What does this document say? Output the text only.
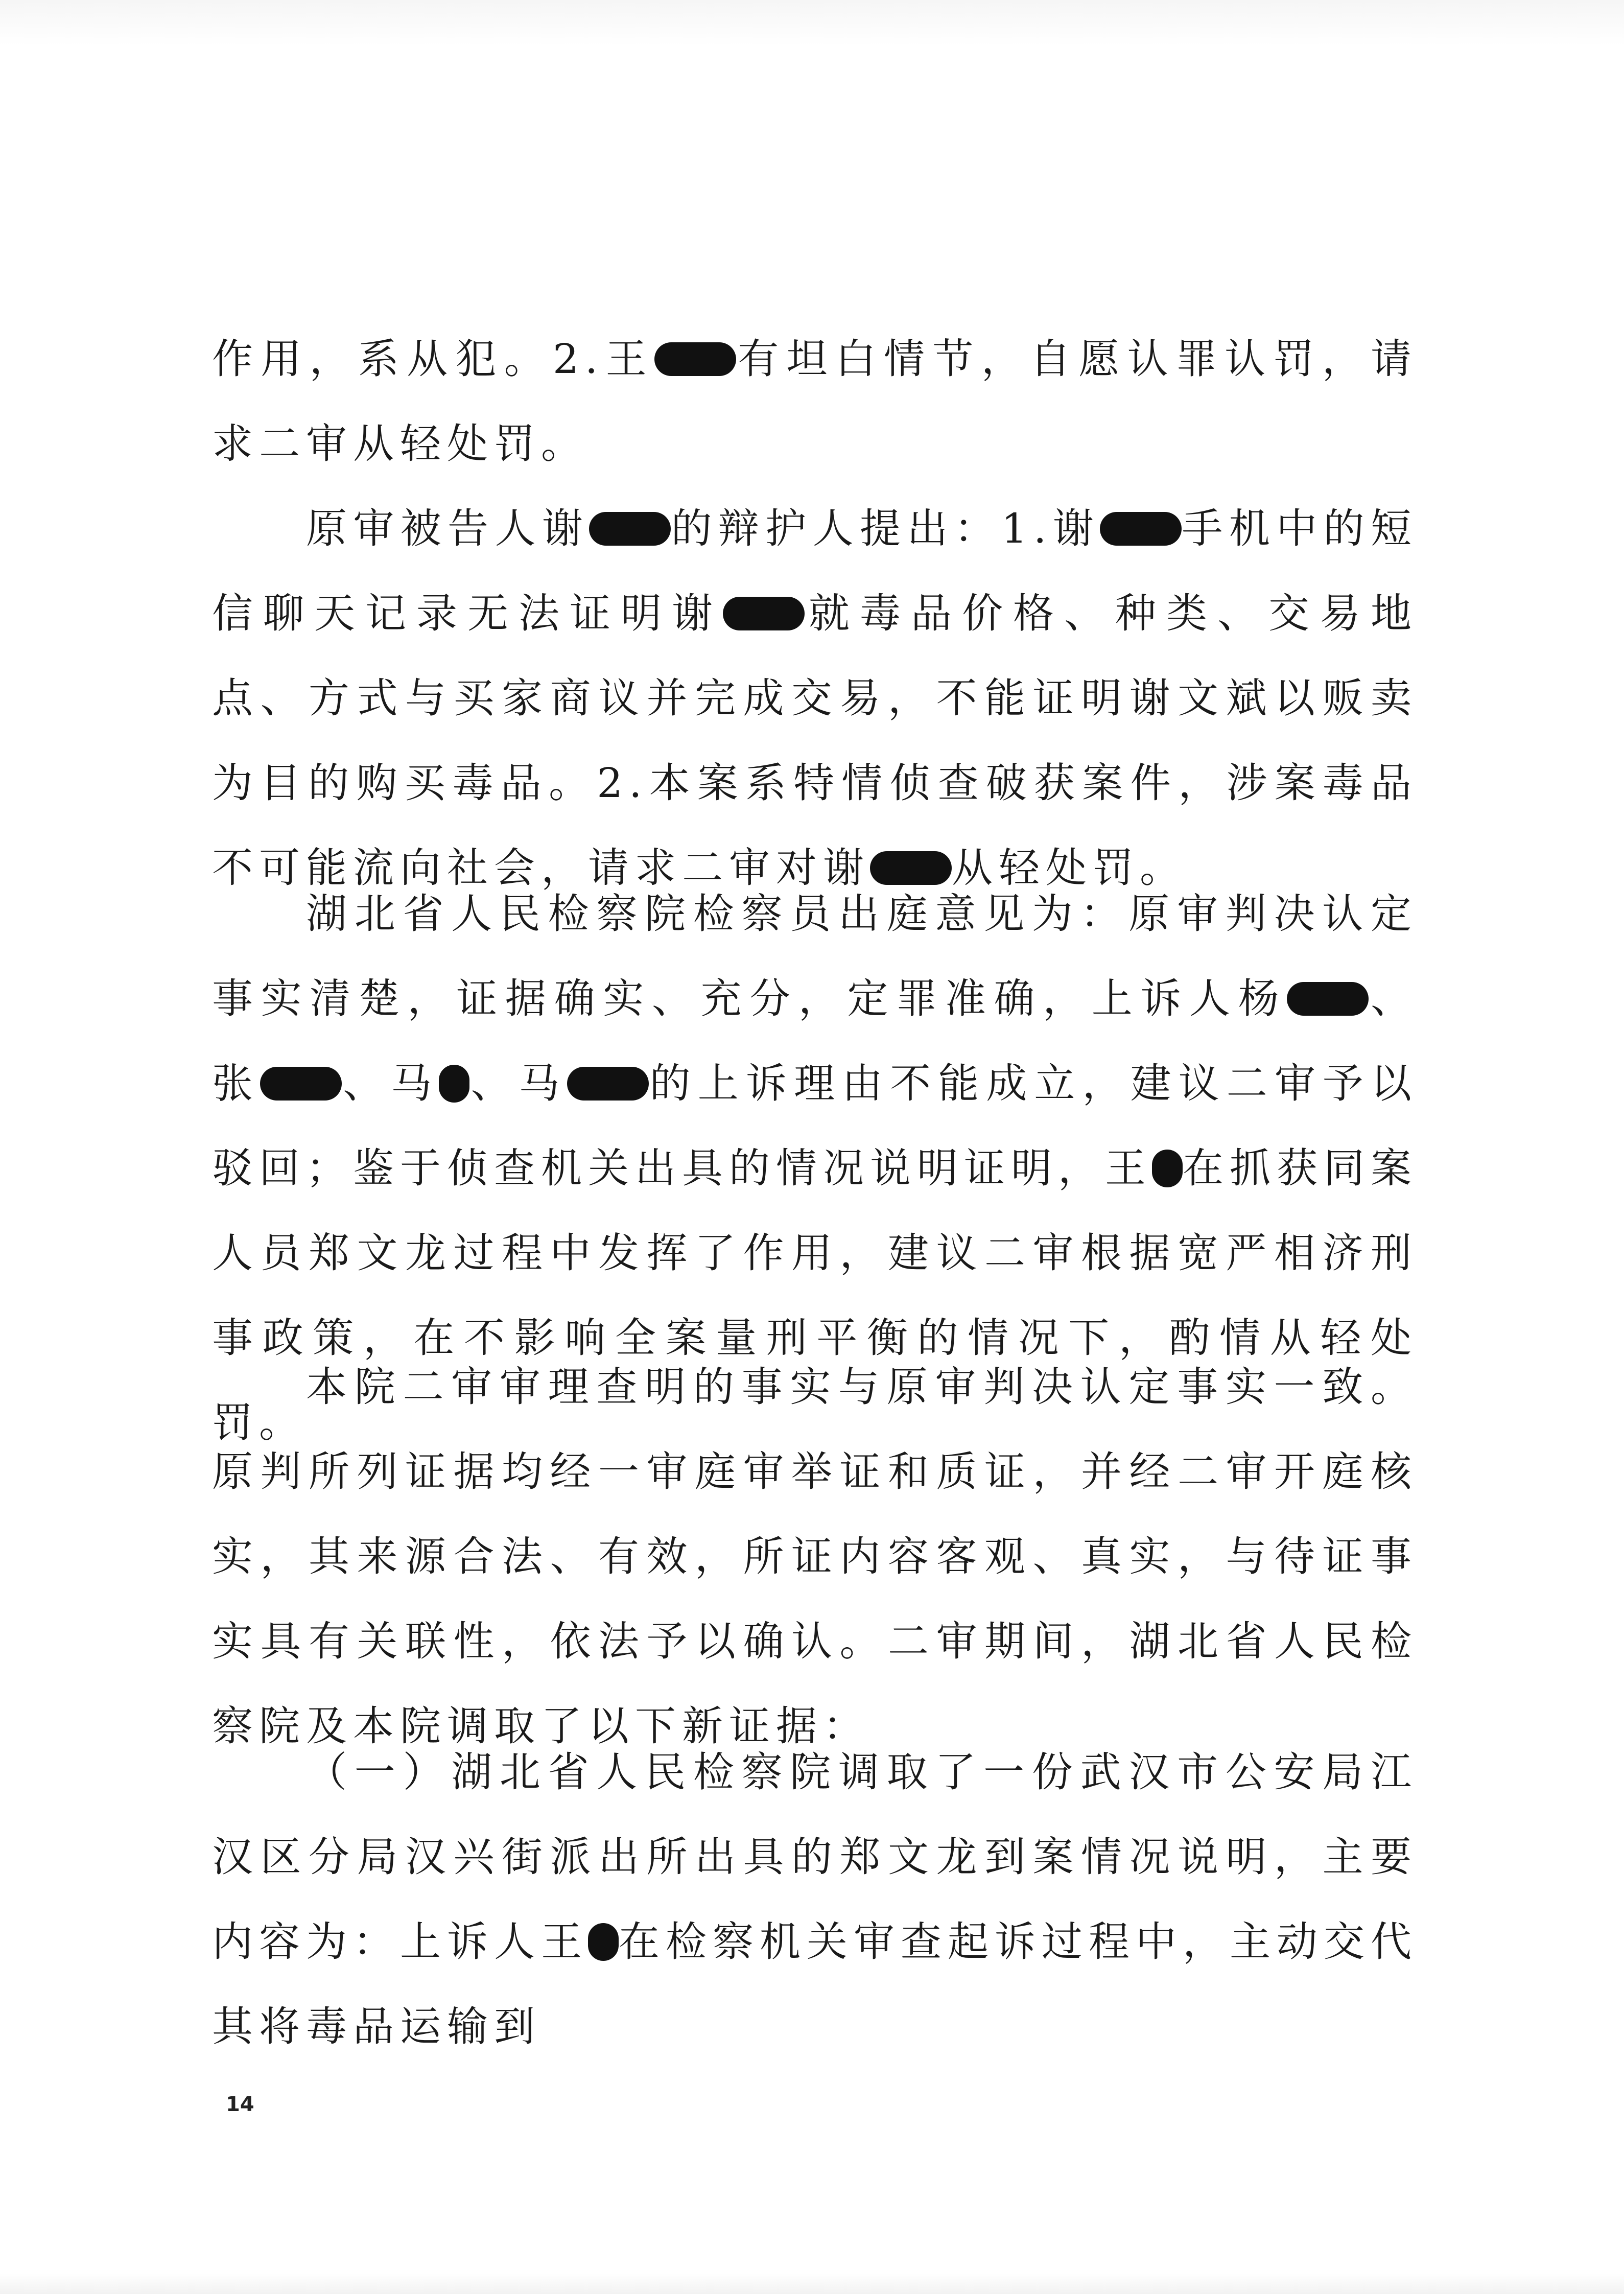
作用，系从犯。2.王 有坦白情节，自愿认罪认罚，请求二审从轻处罚。

原审被告人谢 的辩护人提出：1.谢 手机中的短信聊天记录无法证明谢 就毒品价格、种类、交易地点、方式与买家商议并完成交易，不能证明谢文斌以贩卖为目的购买毒品。2.本案系特情侦查破获案件，涉案毒品不可能流向社会，请求二审对谢 从轻处罚。

湖北省人民检察院检察员出庭意见为：原审判决认定事实清楚，证据确实、充分，定罪准确，上诉人杨 、张 、马 、马 的上诉理由不能成立，建议二审予以驳回；鉴于侦查机关出具的情况说明证明，王 在抓获同案人员郑文龙过程中发挥了作用，建议二审根据宽严相济刑事政策，在不影响全案量刑平衡的情况下，酌情从轻处罚。

本院二审审理查明的事实与原审判决认定事实一致。原判所列证据均经一审庭审举证和质证，并经二审开庭核实，其来源合法、有效，所证内容客观、真实，与待证事实具有关联性，依法予以确认。二审期间，湖北省人民检察院及本院调取了以下新证据：

（一）湖北省人民检察院调取了一份武汉市公安局江汉区分局汉兴街派出所出具的郑文龙到案情况说明，主要内容为：上诉人王 在检察机关审查起诉过程中，主动交代其将毒品运输到

14
